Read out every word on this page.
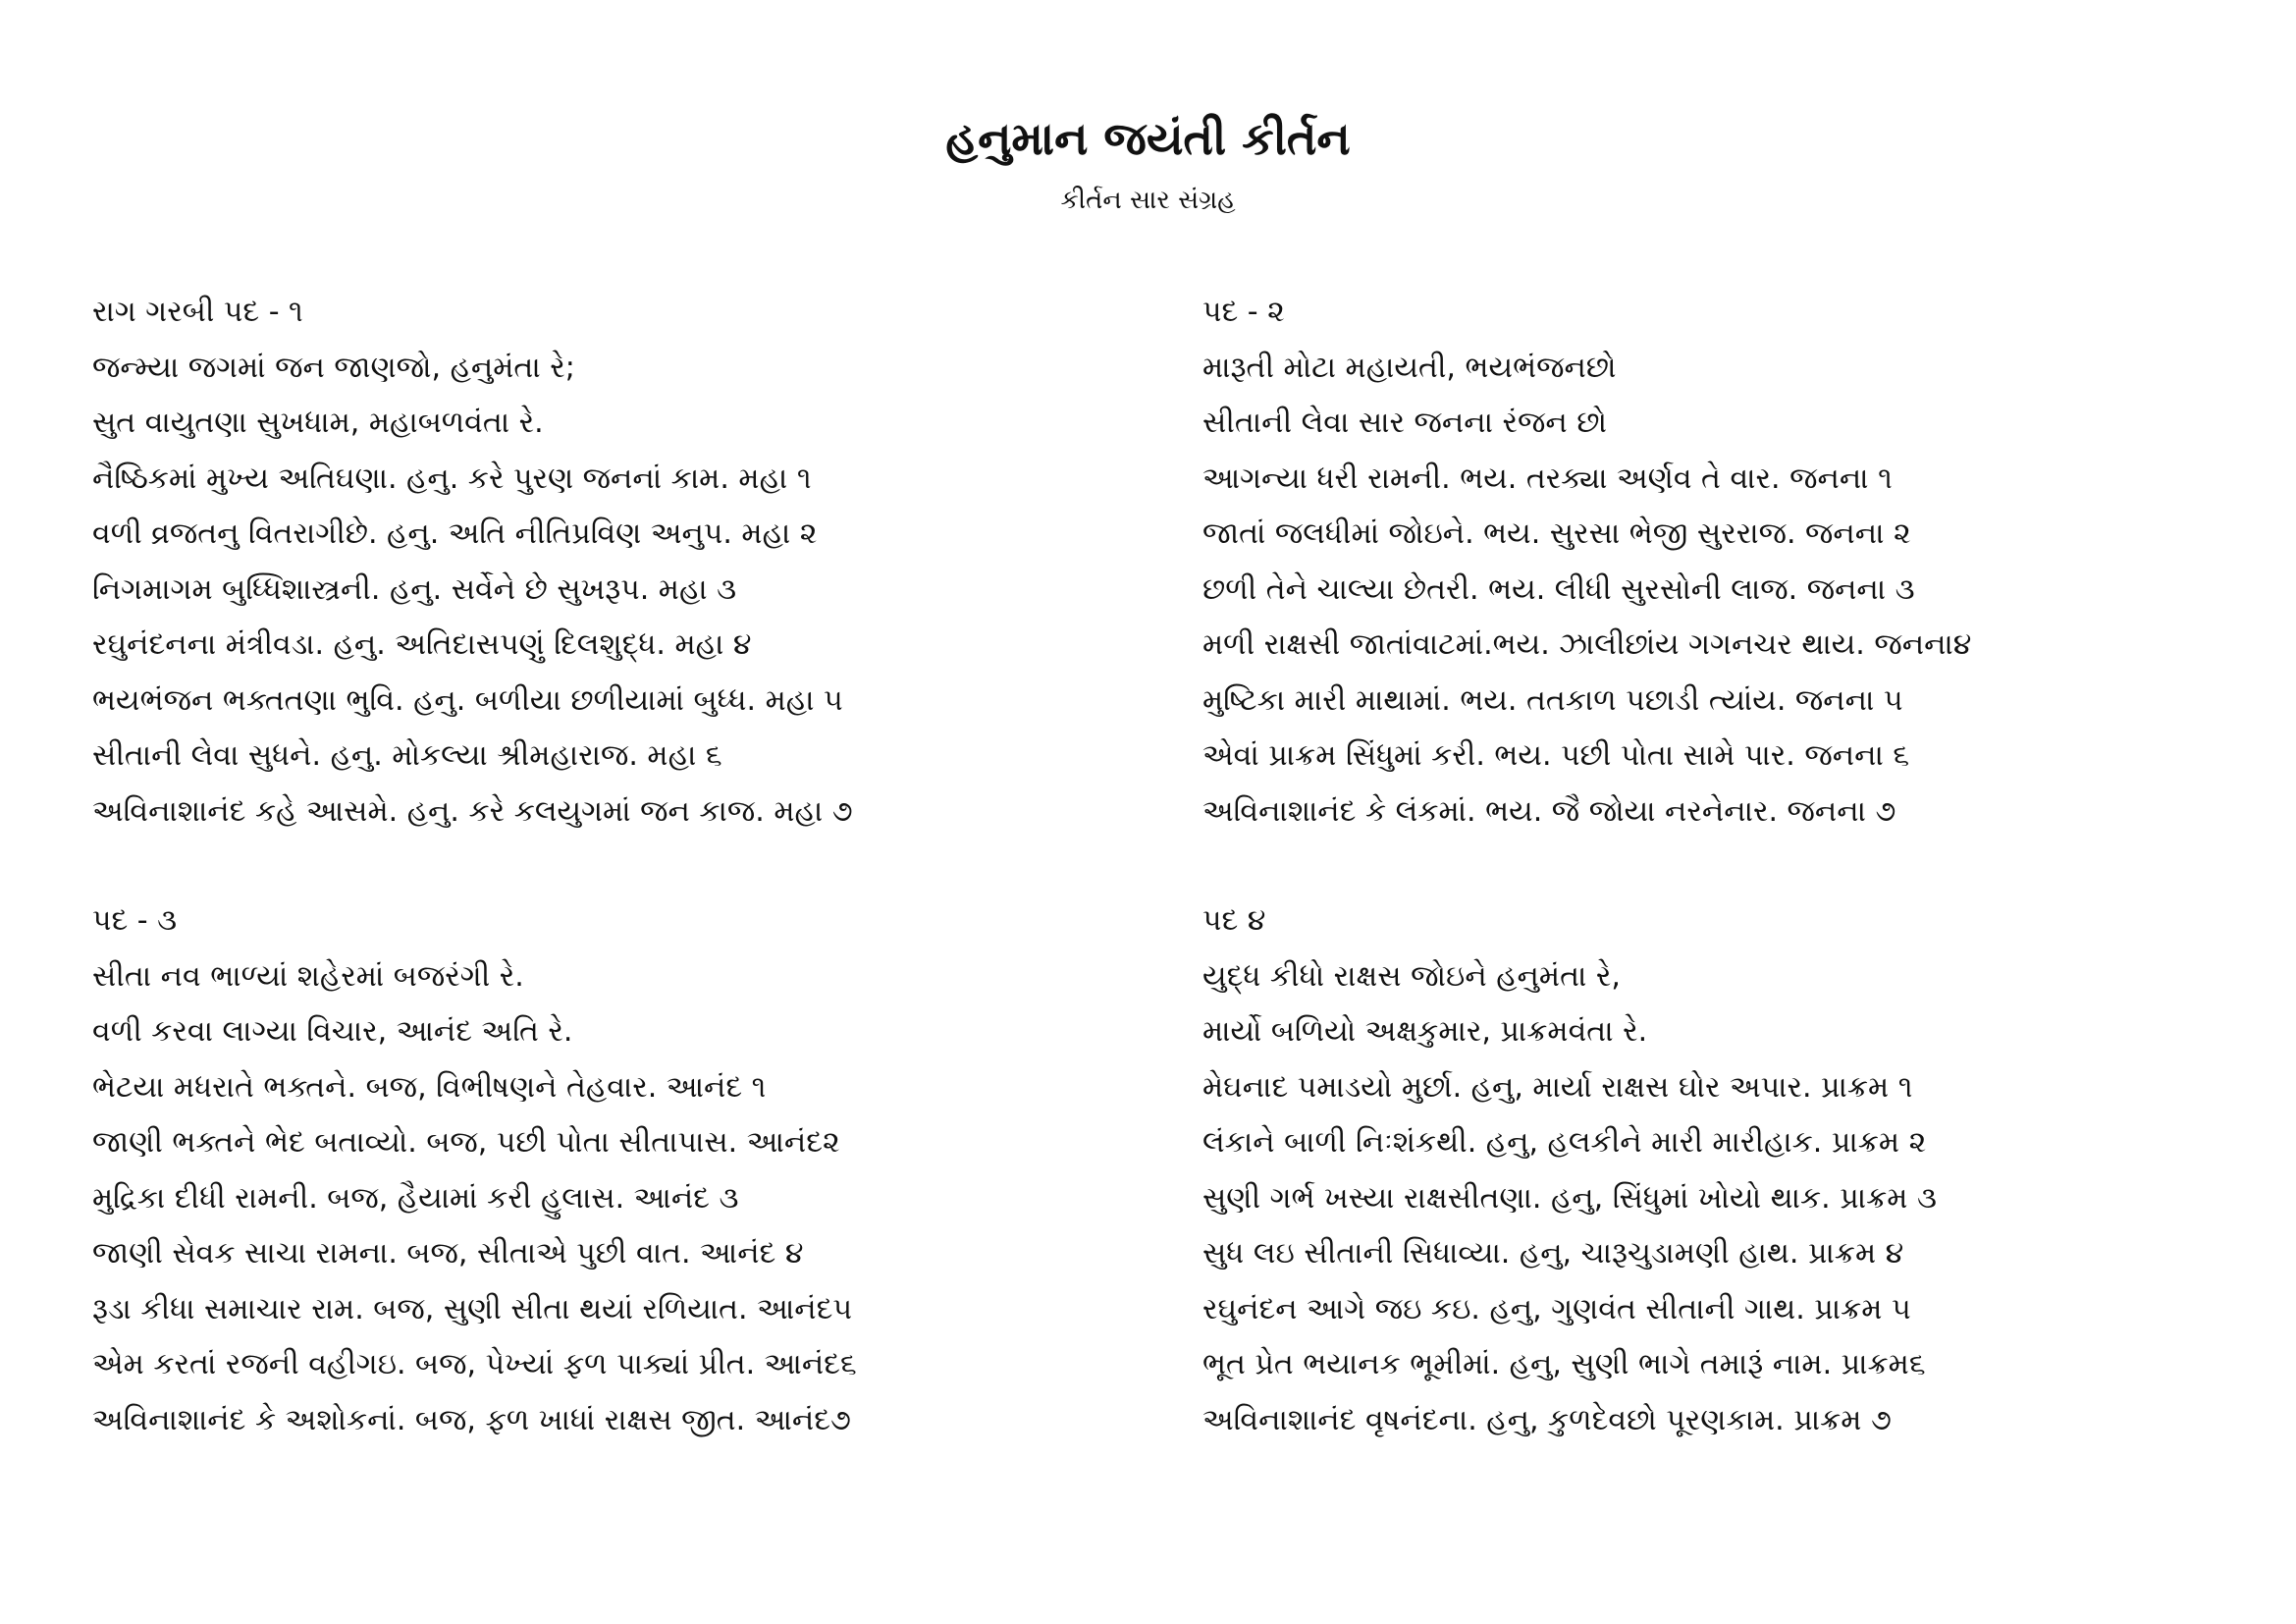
હનુમાન જયંતી કીર્તન
કીર્તન સાર સંગ્રહ
રાગ ગરબી પદ - ૧
જન્મ્યા જગમાં જન જાણજો, હનુમંતા રે;
સુત વાયુતણા સુખધામ, મહાબળવંતા રે.
નૈષ્ઠિકમાં મુખ્ય અતિઘણા. હનુ. કરે પુરણ જનનાં કામ. મહા ૧
વળી વ્રજતનુ વિતરાગીછે. હનુ. અતિ નીતિપ્રવિણ અનુપ. મહા ૨
નિગમાગમ બુધ્ધિશાસ્ત્રની. હનુ. સર્વેને છે સુખરૂપ. મહા ૩
રઘુનંદનના મંત્રીવડા. હનુ. અતિદાસપણું દિલશુદ્ધ. મહા ૪
ભયભંજન ભક્તતણા ભુવિ. હનુ. બળીયા છળીયામાં બુધ્ધ. મહા ૫
સીતાની લેવા સુધને. હનુ. મોકલ્યા શ્રીમહારાજ. મહા ૬
અવિનાશાનંદ કહે આસમે. હનુ. કરે કલયુગમાં જન કાજ. મહા ૭
પદ - ૨
મારૂતી મોટા મહાયતી, ભયભંજનછો
સીતાની લેવા સાર જનના રંજન છો
આગન્યા ધરી રામની. ભય. તરક્યા અર્ણવ તે વાર. જનના ૧
જાતાં જલધીમાં જોઇને. ભય. સુરસા ભેજી સુરરાજ. જનના ૨
છળી તેને ચાલ્યા છેતરી. ભય. લીધી સુરસોની લાજ. જનના ૩
મળી રાક્ષસી જાતાંવાટમાં.ભય. ઝાલીછાંય ગગનચર થાય. જનના૪
મુષ્ટિકા મારી માથામાં. ભય. તતકાળ પછાડી ત્યાંય. જનના ૫
એવાં પ્રાક્રમ સિંધુમાં કરી. ભય. પછી પોતા સામે પાર. જનના ૬
અવિનાશાનંદ કે લંકમાં. ભય. જૈ જોયા નરનેનાર. જનના ૭
પદ - ૩
સીતા નવ ભાળ્યાં શહેરમાં બજરંગી રે.
વળી કરવા લાગ્યા વિચાર, આનંદ અતિ રે.
ભેટયા મધરાતે ભક્તને. બજ, વિભીષણને તેહવાર. આનંદ ૧
જાણી ભક્તને ભેદ બતાવ્યો. બજ, પછી પોતા સીતાપાસ. આનંદ૨
મુદ્રિકા દીધી રામની. બજ, હૈયામાં કરી હુલાસ. આનંદ ૩
જાણી સેવક સાચા રામના. બજ, સીતાએ પુછી વાત. આનંદ ૪
રૂડા કીધા સમાચાર રામ. બજ, સુણી સીતા થયાં રળિયાત. આનંદ૫
એમ કરતાં રજની વહીગઇ. બજ, પેખ્યાં ફળ પાક્યાં પ્રીત. આનંદ૬
અવિનાશાનંદ કે અશોકનાં. બજ, ફળ ખાધાં રાક્ષસ જીત. આનંદ૭
પદ ૪
યુદ્ધ કીધો રાક્ષસ જોઇને હનુમંતા રે,
માર્યો બળિયો અક્ષકુમાર, પ્રાક્રમવંતા રે.
મેઘનાદ પમાડયો મુર્છા. હનુ, માર્યા રાક્ષસ ઘોર અપાર. પ્રાક્રમ ૧
લંકાને બાળી નિઃશંકથી. હનુ, હલકીને મારી મારીહાક. પ્રાક્રમ ૨
સુણી ગર્ભ ખસ્યા રાક્ષસીતણા. હનુ, સિંધુમાં ખોયો થાક. પ્રાક્રમ ૩
સુધ લઇ સીતાની સિધાવ્યા. હનુ, ચારૂચુડામણી હાથ. પ્રાક્રમ ૪
રઘુનંદન આગે જઇ કઇ. હનુ, ગુણવંત સીતાની ગાથ. પ્રાક્રમ ૫
ભૂત પ્રેત ભયાનક ભૂમીમાં. હનુ, સુણી ભાગે તમારૂં નામ. પ્રાક્રમ૬
અવિનાશાનંદ વૃષનંદના. હનુ, કુળદેવછો પૂરણકામ. પ્રાક્રમ ૭
